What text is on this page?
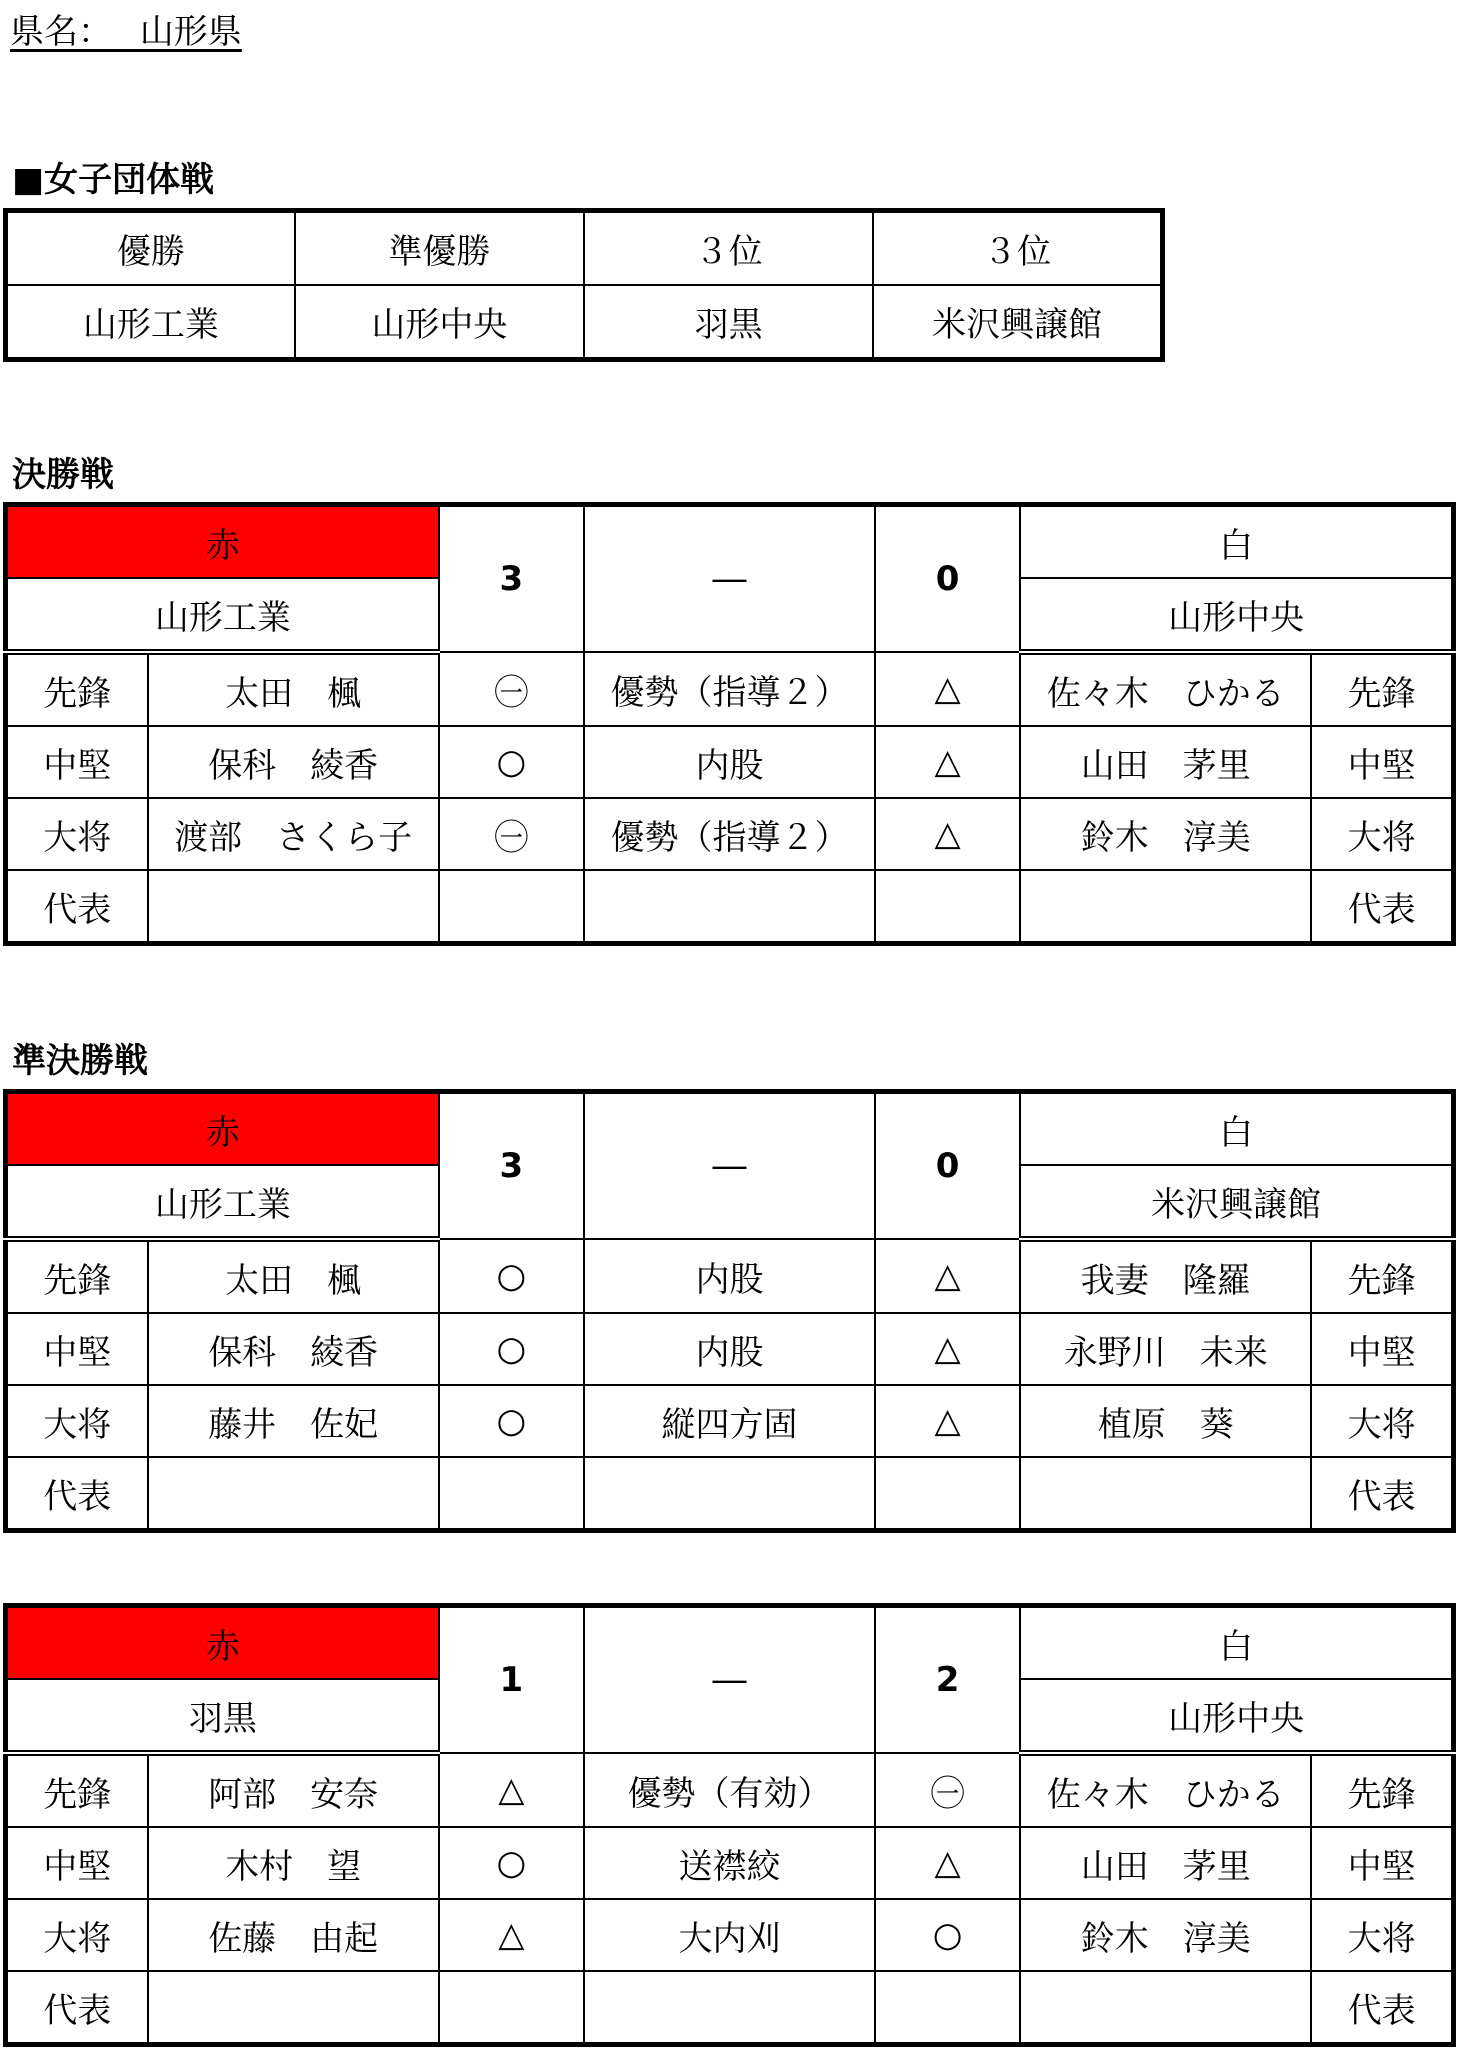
県名：　 山形県
■女子団体戦
優勝	準優勝	３位	３位
山形工業	山形中央	羽黒	米沢興譲館
決勝戦
赤		3	―	0	白	
山形工業					山形中央	
先鋒	太田　楓	㊀	優勢（指導２）	△	佐々木　ひかる	先鋒
中堅	保科　綾香	○	内股	△	山田　茅里	中堅
大将	渡部　さくら子	㊀	優勢（指導２）	△	鈴木　淳美	大将
代表						代表
準決勝戦
赤		3	―	0	白	
山形工業					米沢興譲館	
先鋒	太田　楓	○	内股	△	我妻　隆羅	先鋒
中堅	保科　綾香	○	内股	△	永野川　未来	中堅
大将	藤井　佐妃	○	縦四方固	△	植原　葵	大将
代表						代表
赤		1	―	2	白	
羽黒					山形中央	
先鋒	阿部　安奈	△	優勢（有効）	㊀	佐々木　ひかる	先鋒
中堅	木村　望	○	送襟絞	△	山田　茅里	中堅
大将	佐藤　由起	△	大内刈	○	鈴木　淳美	大将
代表						代表
